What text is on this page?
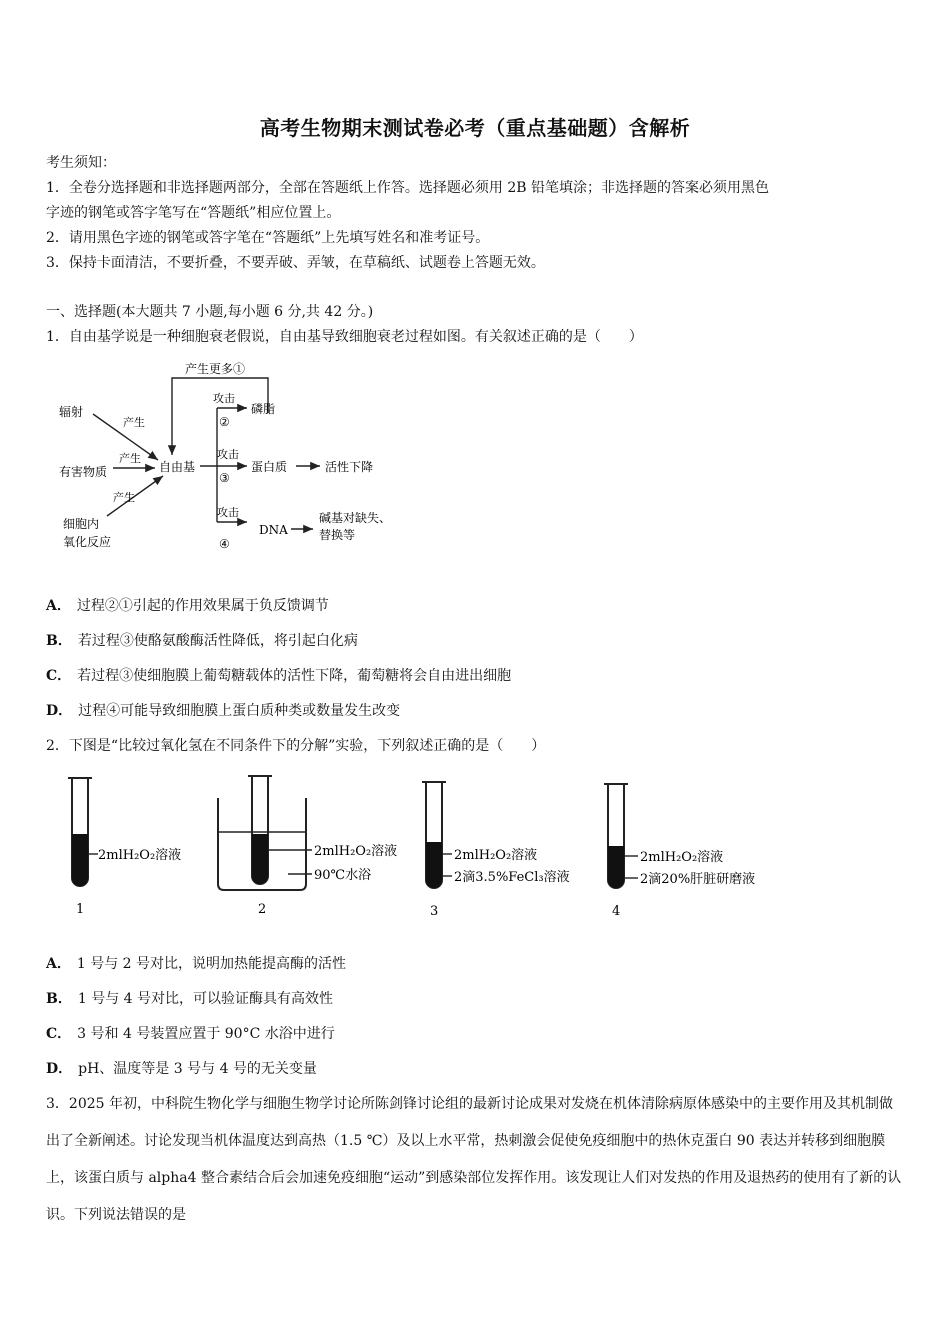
高考生物期末测试卷必考（重点基础题）含解析
考生须知：
1．全卷分选择题和非选择题两部分，全部在答题纸上作答。选择题必须用 2B 铅笔填涂；非选择题的答案必须用黑色
字迹的钢笔或答字笔写在“答题纸”相应位置上。
2．请用黑色字迹的钢笔或答字笔在“答题纸”上先填写姓名和准考证号。
3．保持卡面清洁，不要折叠，不要弄破、弄皱，在草稿纸、试题卷上答题无效。
一、选择题(本大题共 7 小题,每小题 6 分,共 42 分。)
1．自由基学说是一种细胞衰老假说，自由基导致细胞衰老过程如图。有关叙述正确的是（　　）
产生更多①
辐射
产生
有害物质
产生
细胞内
氧化反应
产生
自由基
攻击
②
磷脂
攻击
③
蛋白质	活性下降
攻击
④
DNA
碱基对缺失、
替换等
A． 过程②①引起的作用效果属于负反馈调节
B． 若过程③使酪氨酸酶活性降低，将引起白化病
C． 若过程③使细胞膜上葡萄糖载体的活性下降，葡萄糖将会自由进出细胞
D． 过程④可能导致细胞膜上蛋白质种类或数量发生改变
2．下图是“比较过氧化氢在不同条件下的分解”实验，下列叙述正确的是（　　）
2mlH₂O₂溶液
1
2mlH₂O₂溶液
90℃水浴
2
2mlH₂O₂溶液
2滴3.5%FeCl₃溶液
3
2mlH₂O₂溶液
2滴20%肝脏研磨液
4
A． 1 号与 2 号对比，说明加热能提高酶的活性
B． 1 号与 4 号对比，可以验证酶具有高效性
C． 3 号和 4 号装置应置于 90°C 水浴中进行
D． pH、温度等是 3 号与 4 号的无关变量
3．2025 年初，中科院生物化学与细胞生物学讨论所陈剑锋讨论组的最新讨论成果对发烧在机体清除病原体感染中的主要作用及其机制做出了全新阐述。讨论发现当机体温度达到高热（1.5 ℃）及以上水平常，热刺激会促使免疫细胞中的热休克蛋白 90 表达并转移到细胞膜上，该蛋白质与 alpha4 整合素结合后会加速免疫细胞“运动”到感染部位发挥作用。该发现让人们对发热的作用及退热药的使用有了新的认识。下列说法错误的是
